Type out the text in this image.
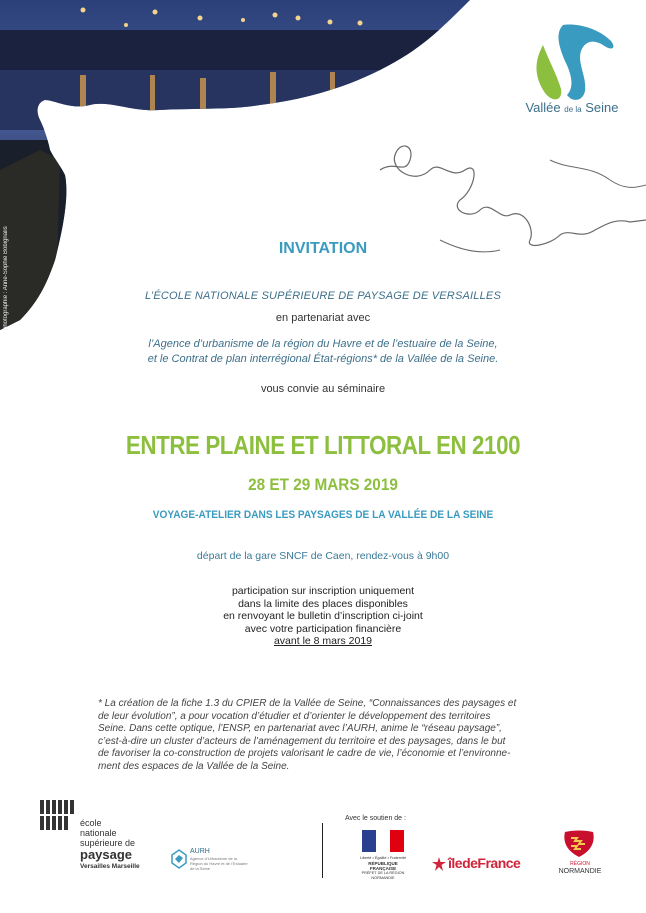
photographie : Anne-Sophie Bobignalis
Vallée de la Seine
INVITATION
L’ÉCOLE NATIONALE SUPÉRIEURE DE PAYSAGE DE VERSAILLES
en partenariat avec
l’Agence d’urbanisme de la région du Havre et de l’estuaire de la Seine,
et le Contrat de plan interrégional État-régions* de la Vallée de la Seine.
vous convie au séminaire
ENTRE PLAINE ET LITTORAL EN 2100
28 ET 29 MARS 2019
VOYAGE-ATELIER DANS LES PAYSAGES DE LA VALLÉE DE LA SEINE
départ de la gare SNCF de Caen, rendez-vous à 9h00
participation sur inscription uniquement
dans la limite des places disponibles
en renvoyant le bulletin d’inscription ci-joint
avec votre participation financière
avant le 8 mars 2019
* La création de la fiche 1.3 du CPIER de la Vallée de Seine, “Connaissances des paysages et
de leur évolution”, a pour vocation d’étudier et d’orienter le développement des territoires
Seine. Dans cette optique, l’ENSP, en partenariat avec l’AURH, anime le “réseau paysage”,
c’est-à-dire un cluster d’acteurs de l’aménagement du territoire et des paysages, dans le but
de favoriser la co-construction de projets valorisant le cadre de vie, l’économie et l’environne-
ment des espaces de la Vallée de la Seine.
école
nationale
supérieure de
paysage
Versailles Marseille
AURH
Agence d’Urbanisme de la Région du Havre et de l’Estuaire de la Seine
Avec le soutien de :
Liberté • Égalité • Fraternité
RÉPUBLIQUE FRANÇAISE
PRÉFET DE LA RÉGION NORMANDIE
îledeFrance	RÉGION
NORMANDIE
